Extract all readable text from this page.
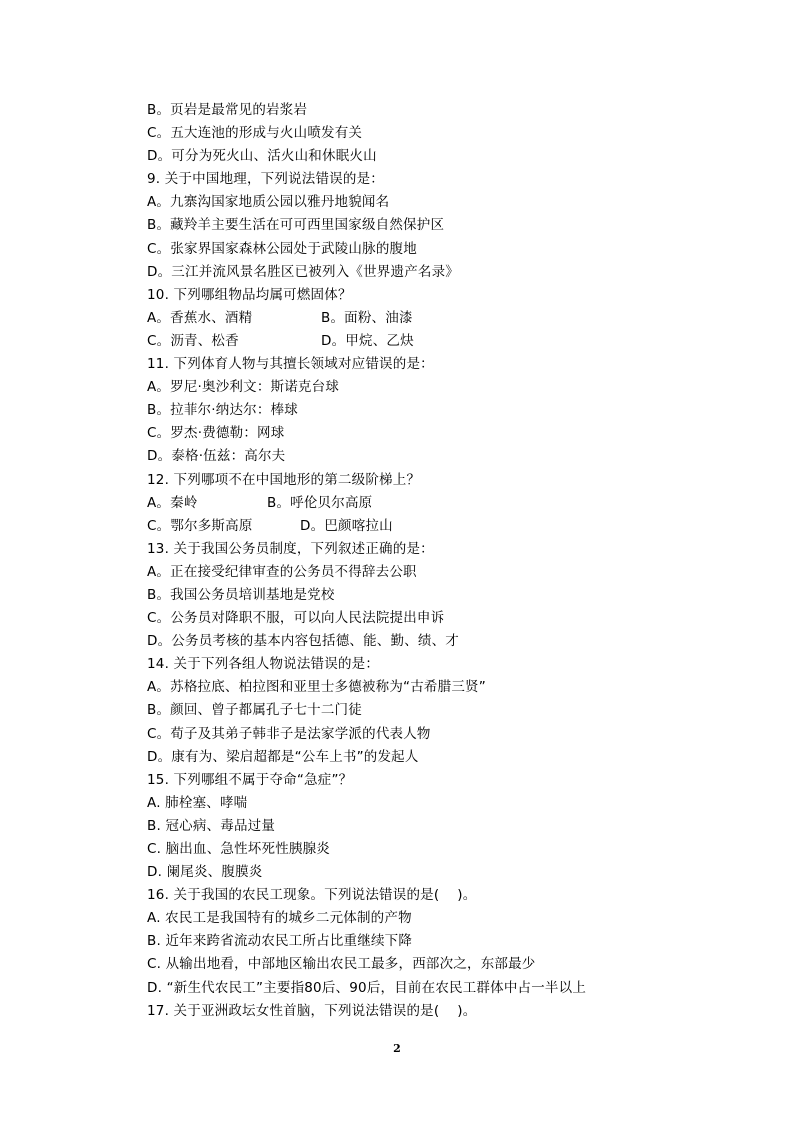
B。页岩是最常见的岩浆岩
C。五大连池的形成与火山喷发有关
D。可分为死火山、活火山和休眠火山
9. 关于中国地理，下列说法错误的是：
A。九寨沟国家地质公园以雅丹地貌闻名
B。藏羚羊主要生活在可可西里国家级自然保护区
C。张家界国家森林公园处于武陵山脉的腹地
D。三江并流风景名胜区已被列入《世界遗产名录》
10. 下列哪组物品均属可燃固体？
A。香蕉水、酒精	B。面粉、油漆
C。沥青、松香	D。甲烷、乙炔
11. 下列体育人物与其擅长领域对应错误的是：
A。罗尼·奥沙利文：斯诺克台球
B。拉菲尔·纳达尔：棒球
C。罗杰·费德勒：网球
D。泰格·伍兹：高尔夫
12. 下列哪项不在中国地形的第二级阶梯上？
A。秦岭	B。呼伦贝尔高原
C。鄂尔多斯高原	D。巴颜喀拉山
13. 关于我国公务员制度，下列叙述正确的是：
A。正在接受纪律审查的公务员不得辞去公职
B。我国公务员培训基地是党校
C。公务员对降职不服，可以向人民法院提出申诉
D。公务员考核的基本内容包括德、能、勤、绩、才
14. 关于下列各组人物说法错误的是：
A。苏格拉底、柏拉图和亚里士多德被称为“古希腊三贤”
B。颜回、曾子都属孔子七十二门徒
C。荀子及其弟子韩非子是法家学派的代表人物
D。康有为、梁启超都是“公车上书”的发起人
15. 下列哪组不属于夺命“急症”？
A. 肺栓塞、哮喘
B. 冠心病、毒品过量
C. 脑出血、急性坏死性胰腺炎
D. 阑尾炎、腹膜炎
16. 关于我国的农民工现象。下列说法错误的是(    )。
A. 农民工是我国特有的城乡二元体制的产物
B. 近年来跨省流动农民工所占比重继续下降
C. 从输出地看，中部地区输出农民工最多，西部次之，东部最少
D. “新生代农民工”主要指80后、90后，目前在农民工群体中占一半以上
17. 关于亚洲政坛女性首脑，下列说法错误的是(    )。
2
